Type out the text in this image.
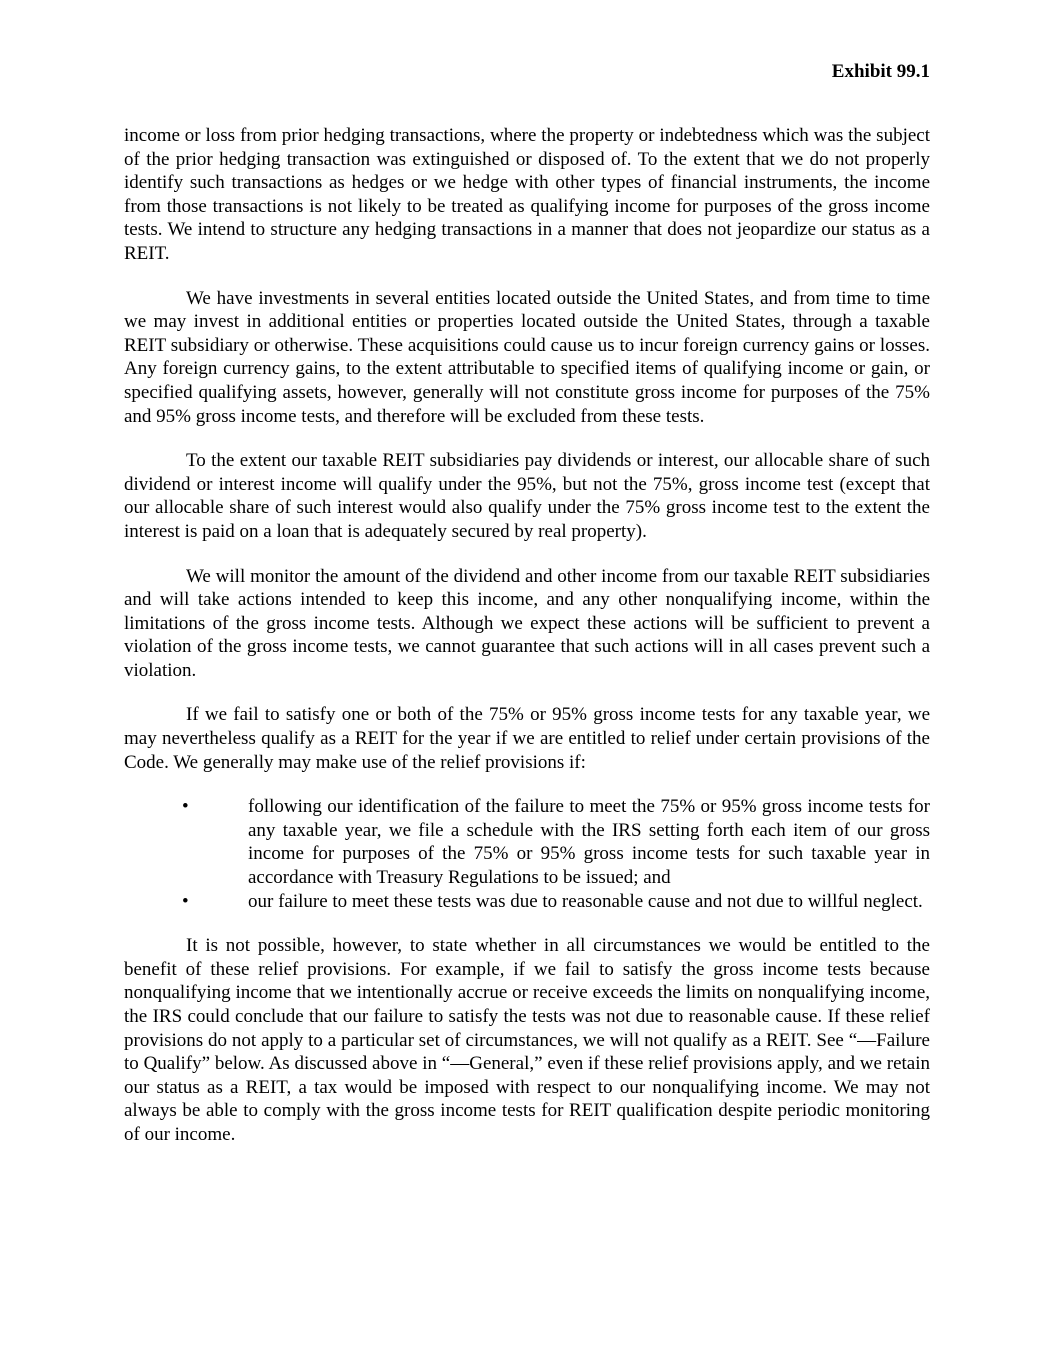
Exhibit 99.1

income or loss from prior hedging transactions, where the property or indebtedness which was the subject of the prior hedging transaction was extinguished or disposed of. To the extent that we do not properly identify such transactions as hedges or we hedge with other types of financial instruments, the income from those transactions is not likely to be treated as qualifying income for purposes of the gross income tests. We intend to structure any hedging transactions in a manner that does not jeopardize our status as a REIT.

We have investments in several entities located outside the United States, and from time to time we may invest in additional entities or properties located outside the United States, through a taxable REIT subsidiary or otherwise. These acquisitions could cause us to incur foreign currency gains or losses. Any foreign currency gains, to the extent attributable to specified items of qualifying income or gain, or specified qualifying assets, however, generally will not constitute gross income for purposes of the 75% and 95% gross income tests, and therefore will be excluded from these tests.

To the extent our taxable REIT subsidiaries pay dividends or interest, our allocable share of such dividend or interest income will qualify under the 95%, but not the 75%, gross income test (except that our allocable share of such interest would also qualify under the 75% gross income test to the extent the interest is paid on a loan that is adequately secured by real property).

We will monitor the amount of the dividend and other income from our taxable REIT subsidiaries and will take actions intended to keep this income, and any other nonqualifying income, within the limitations of the gross income tests. Although we expect these actions will be sufficient to prevent a violation of the gross income tests, we cannot guarantee that such actions will in all cases prevent such a violation.

If we fail to satisfy one or both of the 75% or 95% gross income tests for any taxable year, we may nevertheless qualify as a REIT for the year if we are entitled to relief under certain provisions of the Code. We generally may make use of the relief provisions if:

•	following our identification of the failure to meet the 75% or 95% gross income tests for any taxable year, we file a schedule with the IRS setting forth each item of our gross income for purposes of the 75% or 95% gross income tests for such taxable year in accordance with Treasury Regulations to be issued; and
•	our failure to meet these tests was due to reasonable cause and not due to willful neglect.

It is not possible, however, to state whether in all circumstances we would be entitled to the benefit of these relief provisions. For example, if we fail to satisfy the gross income tests because nonqualifying income that we intentionally accrue or receive exceeds the limits on nonqualifying income, the IRS could conclude that our failure to satisfy the tests was not due to reasonable cause. If these relief provisions do not apply to a particular set of circumstances, we will not qualify as a REIT. See “—Failure to Qualify” below. As discussed above in “—General,” even if these relief provisions apply, and we retain our status as a REIT, a tax would be imposed with respect to our nonqualifying income. We may not always be able to comply with the gross income tests for REIT qualification despite periodic monitoring of our income.
